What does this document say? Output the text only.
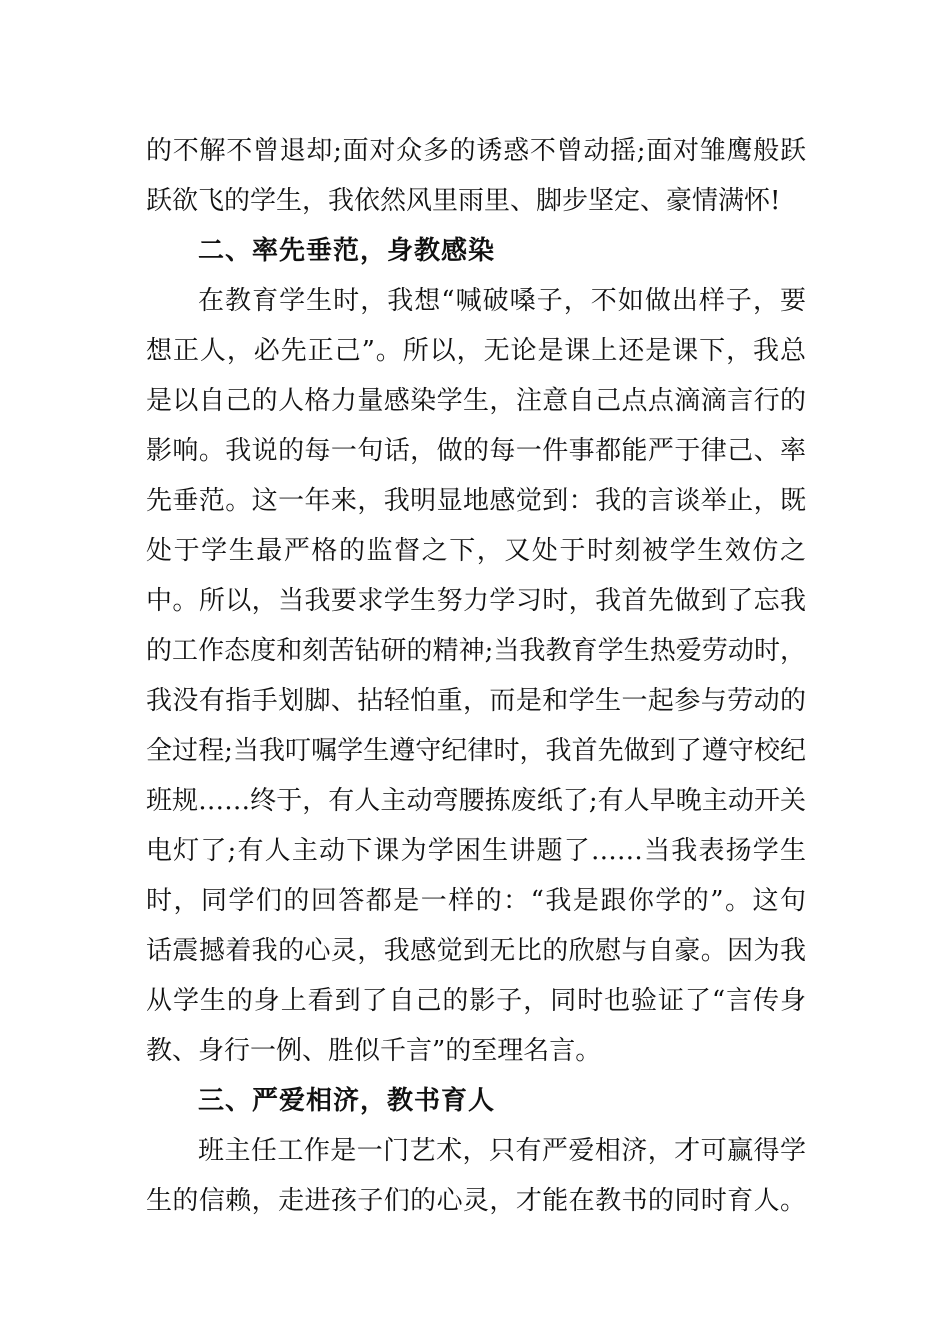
的不解不曾退却;面对众多的诱惑不曾动摇;面对雏鹰般跃
跃欲飞的学生，我依然风里雨里、脚步坚定、豪情满怀!
二、率先垂范，身教感染
在教育学生时，我想“喊破嗓子，不如做出样子，要
想正人，必先正己”。所以，无论是课上还是课下，我总
是以自己的人格力量感染学生，注意自己点点滴滴言行的
影响。我说的每一句话，做的每一件事都能严于律己、率
先垂范。这一年来，我明显地感觉到：我的言谈举止，既
处于学生最严格的监督之下，又处于时刻被学生效仿之
中。所以，当我要求学生努力学习时，我首先做到了忘我
的工作态度和刻苦钻研的精神;当我教育学生热爱劳动时，
我没有指手划脚、拈轻怕重，而是和学生一起参与劳动的
全过程;当我叮嘱学生遵守纪律时，我首先做到了遵守校纪
班规……终于，有人主动弯腰拣废纸了;有人早晚主动开关
电灯了;有人主动下课为学困生讲题了……当我表扬学生
时，同学们的回答都是一样的：“我是跟你学的”。这句
话震撼着我的心灵，我感觉到无比的欣慰与自豪。因为我
从学生的身上看到了自己的影子，同时也验证了“言传身
教、身行一例、胜似千言”的至理名言。
三、严爱相济，教书育人
班主任工作是一门艺术，只有严爱相济，才可赢得学
生的信赖，走进孩子们的心灵，才能在教书的同时育人。
